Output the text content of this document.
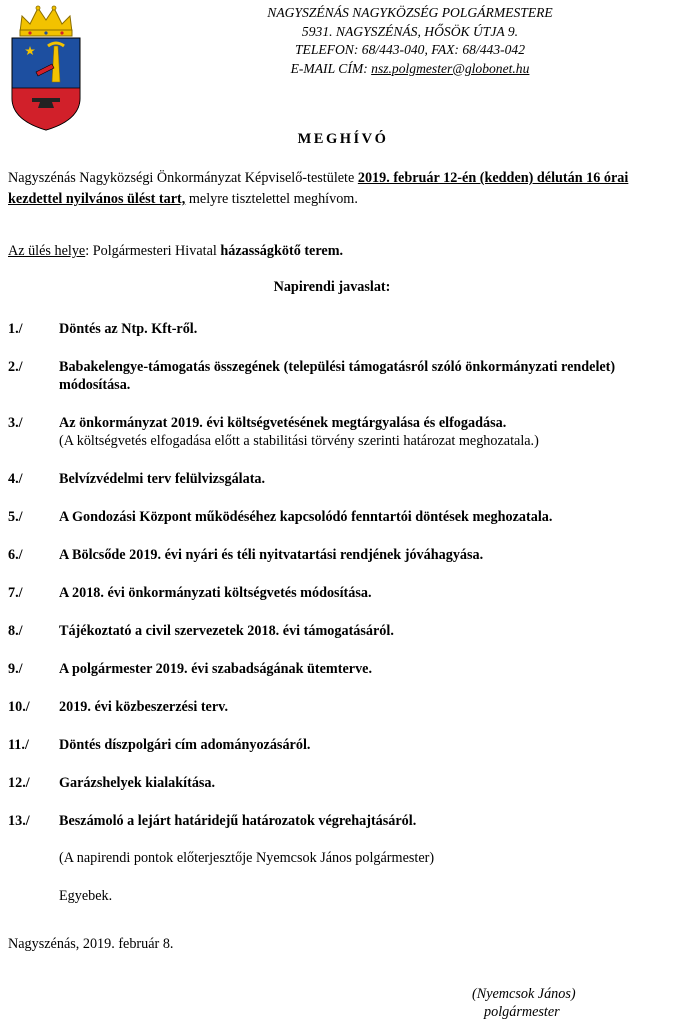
NAGYSZÉNÁS NAGYKÖZSÉG POLGÁRMESTERE
5931. NAGYSZÉNÁS, HŐSÖK ÚTJA 9.
TELEFON: 68/443-040, FAX: 68/443-042
E-MAIL CÍM: nsz.polgmester@globonet.hu
MEGHÍVÓ
Nagyszénás Nagyközségi Önkormányzat Képviselő-testülete 2019. február 12-én (kedden) délután 16 órai kezdettel nyilvános ülést tart, melyre tisztelettel meghívom.
Az ülés helye: Polgármesteri Hivatal házasságkötő terem.
Napirendi javaslat:
1./	Döntés az Ntp. Kft-ről.
2./	Babakelengye-támogatás összegének (települési támogatásról szóló önkormányzati rendelet) módosítása.
3./	Az önkormányzat 2019. évi költségvetésének megtárgyalása és elfogadása.
(A költségvetés elfogadása előtt a stabilitási törvény szerinti határozat meghozatala.)
4./	Belvízvédelmi terv felülvizsgálata.
5./	A Gondozási Központ működéséhez kapcsolódó fenntartói döntések meghozatala.
6./	A Bölcsőde 2019. évi nyári és téli nyitvatartási rendjének jóváhagyása.
7./	A 2018. évi önkormányzati költségvetés módosítása.
8./	Tájékoztató a civil szervezetek 2018. évi támogatásáról.
9./	A polgármester 2019. évi szabadságának ütemterve.
10./ 2019. évi közbeszerzési terv.
11./ Döntés díszpolgári cím adományozásáról.
12./ Garázshelyek kialakítása.
13./ Beszámoló a lejárt határidejű határozatok végrehajtásáról.
(A napirendi pontok előterjesztője Nyemcsok János polgármester)
Egyebek.
Nagyszénás, 2019. február 8.
(Nyemcsok János)
polgármester
